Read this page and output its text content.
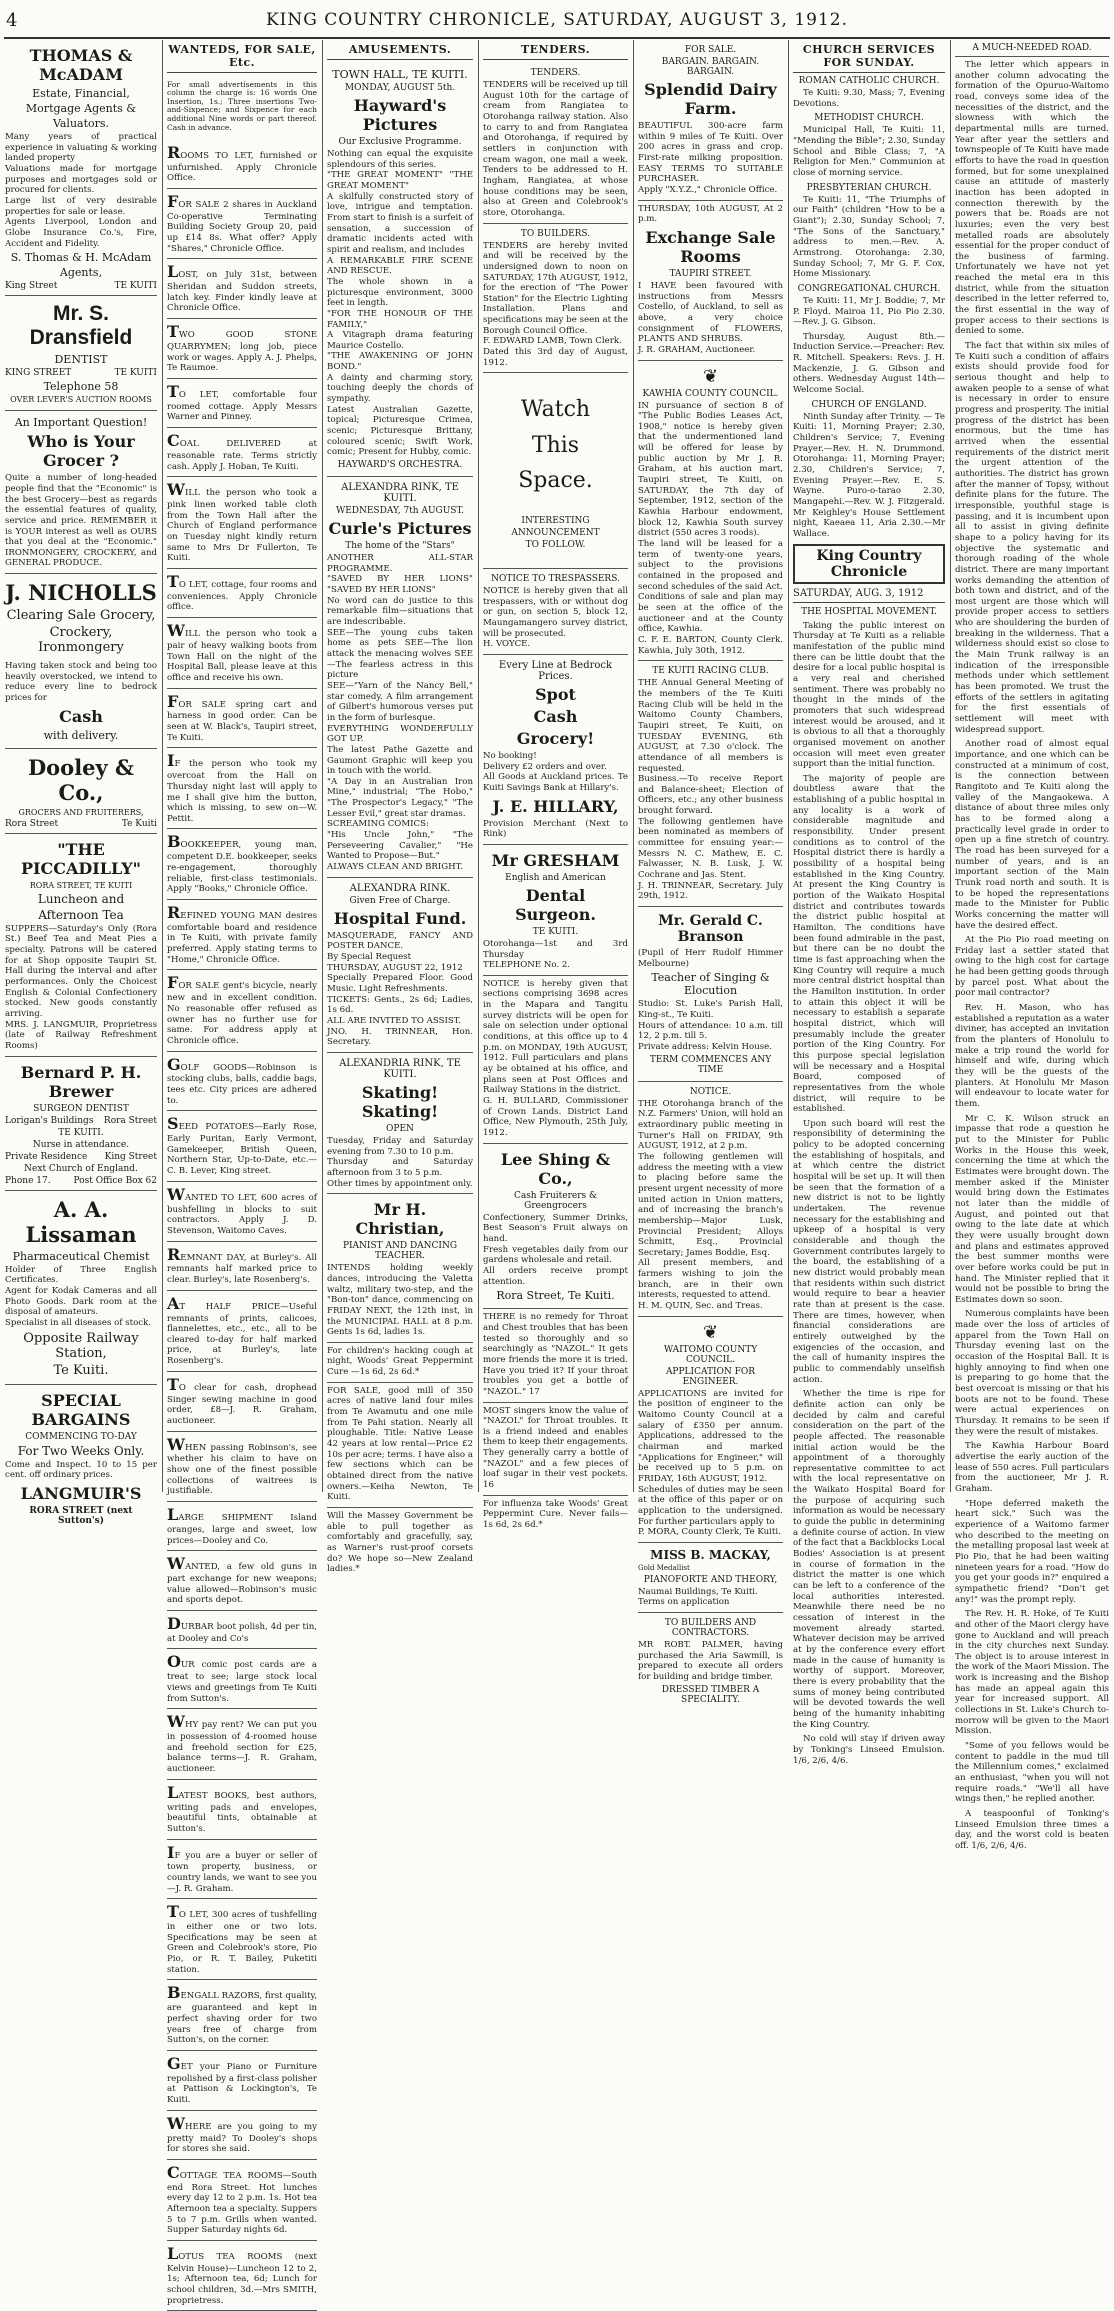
4	KING COUNTRY CHRONICLE, SATURDAY, AUGUST 3, 1912.
THOMAS & McADAM
Estate, Financial,
Mortgage Agents &
Valuators.

Many years of practical experience in valuating & working landed property

Valuations made for mortgage purposes and mortgages sold or procured for clients.

Large list of very desirable properties for sale or lease.

Agents Liverpool, London and Globe Insurance Co.'s, Fire, Accident and Fidelity.

S. Thomas & H. McAdam
Agents,
King Street	TE KUITI
Mr. S. Dransfield
DENTIST
KING STREET	TE KUITI
Telephone 58
OVER LEVER'S AUCTION ROOMS
An Important Question!
Who is Your Grocer ?

Quite a number of long-headed people find that the "Economic" is the best Grocery—best as regards the essential features of quality, service and price. REMEMBER it is YOUR interest as well as OURS that you deal at the "Economic." IRONMONGERY, CROCKERY, and GENERAL PRODUCE.

J. NICHOLLS
Clearing Sale Grocery,
Crockery, Ironmongery

Having taken stock and being too heavily overstocked, we intend to reduce every line to bedrock prices for

Cash
with delivery.
Dooley & Co.,
GROCERS AND FRUITERERS,
Rora Street	Te Kuiti
"THE PICCADILLY"
RORA STREET, TE KUITI
Luncheon and
Afternoon Tea

SUPPERS—Saturday's Only (Rora St.) Beef Tea and Meat Pies a specialty. Patrons will be catered for at Shop opposite Taupiri St. Hall during the interval and after performances. Only the Choicest English & Colonial Confectionery stocked. New goods constantly arriving.

MRS. J. LANGMUIR, Proprietress (late of Railway Refreshment Rooms)

Bernard P. H. Brewer
SURGEON DENTIST
Lorigan's Buildings Rora Street
TE KUITI.
Nurse in attendance.
Private Residence King Street
Next Church of England.
Phone 17.	Post Office Box 62
A. A. Lissaman
Pharmaceutical Chemist

Holder of Three English Certificates.

Agent for Kodak Cameras and all Photo Goods. Dark room at the disposal of amateurs.

Specialist in all diseases of stock.

Opposite Railway Station,
Te Kuiti.
SPECIAL BARGAINS
COMMENCING TO-DAY
For Two Weeks Only.

Come and Inspect. 10 to 15 per cent. off ordinary prices.

LANGMUIR'S
RORA STREET (next Sutton's)
WANTEDS, FOR SALE, Etc.

For small advertisements in this column the charge is: 16 words One Insertion, 1s.; Three insertions Two-and-Sixpence; and Sixpence for each additional Nine words or part thereof. Cash in advance.

ROOMS TO LET, furnished or unfurnished. Apply Chronicle Office.

FOR SALE 2 shares in Auckland Co-operative Terminating Building Society Group 20, paid up £14 8s. What offer? Apply "Shares," Chronicle Office.

LOST, on July 31st, between Sheridan and Suddon streets, latch key. Finder kindly leave at Chronicle Office.

TWO GOOD STONE QUARRYMEN; long job, piece work or wages. Apply A. J. Phelps, Te Raumoe.

TO LET, comfortable four roomed cottage. Apply Messrs Warner and Pinney.

COAL DELIVERED at reasonable rate. Terms strictly cash. Apply J. Hoban, Te Kuiti.

WILL the person who took a pink linen worked table cloth from the Town Hall after the Church of England performance on Tuesday night kindly return same to Mrs Dr Fullerton, Te Kuiti.

TO LET, cottage, four rooms and conveniences. Apply Chronicle office.

WILL the person who took a pair of heavy walking boots from Town Hall on the night of the Hospital Ball, please leave at this office and receive his own.

FOR SALE spring cart and harness in good order. Can be seen at W. Black's, Taupiri street, Te Kuiti.

IF the person who took my overcoat from the Hall on Thursday night last will apply to me I shall give him the button, which is missing, to sew on—W. Pettit.

BOOKKEEPER, young man, competent D.E. bookkeeper, seeks re-engagement, thoroughly reliable, first-class testimonials. Apply "Books," Chronicle Office.

REFINED YOUNG MAN desires comfortable board and residence in Te Kuiti, with private family preferred. Apply stating terms to "Home," Chronicle Office.

FOR SALE gent's bicycle, nearly new and in excellent condition. No reasonable offer refused as owner has no further use for same. For address apply at Chronicle office.

GOLF GOODS—Robinson is stocking clubs, balls, caddie bags, tees etc. City prices are adhered to.

SEED POTATOES—Early Rose, Early Puritan, Early Vermont, Gamekeeper, British Queen, Northern Star, Up-to-Date, etc.—C. B. Lever, King street.

WANTED TO LET, 600 acres of bushfelling in blocks to suit contractors. Apply J. D. Stevenson, Waitomo Caves.

REMNANT DAY, at Burley's. All remnants half marked price to clear. Burley's, late Rosenberg's.

AT HALF PRICE—Useful remnants of prints, calicoes, flannelettes, etc., etc., all to be cleared to-day for half marked price, at Burley's, late Rosenberg's.

TO clear for cash, drophead Singer sewing machine in good order, £8—J. R. Graham, auctioneer.

WHEN passing Robinson's, see whether his claim to have on show one of the finest possible collections of waitrees is justifiable.

LARGE SHIPMENT Island oranges, large and sweet, low prices—Dooley and Co.

WANTED, a few old guns in part exchange for new weapons; value allowed—Robinson's music and sports depot.

DURBAR boot polish, 4d per tin, at Dooley and Co's

OUR comic post cards are a treat to see; large stock local views and greetings from Te Kuiti from Sutton's.

WHY pay rent? We can put you in possession of 4-roomed house and freehold section for £25, balance terms—J. R. Graham, auctioneer.

LATEST BOOKS, best authors, writing pads and envelopes, beautiful tints, obtainable at Sutton's.

IF you are a buyer or seller of town property, business, or country lands, we want to see you—J. R. Graham.

TO LET, 300 acres of tushfelling in either one or two lots. Specifications may be seen at Green and Colebrook's store, Pio Pio, or R. T. Bailey, Puketiti station.

BENGALL RAZORS, first quality, are guaranteed and kept in perfect shaving order for two years free of charge from Sutton's, on the corner.

GET your Piano or Furniture repolished by a first-class polisher at Pattison & Lockington's, Te Kuiti.

WHERE are you going to my pretty maid? To Dooley's shops for stores she said.

COTTAGE TEA ROOMS—South end Rora Street. Hot lunches every day 12 to 2 p.m. 1s. Hot tea Afternoon tea a specialty. Suppers 5 to 7 p.m. Grills when wanted. Supper Saturday nights 6d.

LOTUS TEA ROOMS (next Kelvin House)—Luncheon 12 to 2, 1s; Afternoon tea, 6d; Lunch for school children, 3d.—Mrs SMITH, proprietress.

AMUSEMENTS.
TOWN HALL, TE KUITI.
MONDAY, AUGUST 5th.
Hayward's Pictures
Our Exclusive Programme.

Nothing can equal the exquisite splendours of this series.

"THE GREAT MOMENT" "THE GREAT MOMENT"

A skilfully constructed story of love, intrigue and temptation. From start to finish is a surfeit of sensation, a succession of dramatic incidents acted with spirit and realism, and includes

A REMARKABLE FIRE SCENE AND RESCUE.

The whole shown in a picturesque environment, 3000 feet in length.

"FOR THE HONOUR OF THE FAMILY,"

A Vitagraph drama featuring Maurice Costello.

"THE AWAKENING OF JOHN BOND."

A dainty and charming story, touching deeply the chords of sympathy.

Latest Australian Gazette, topical; Picturesque Crimea, scenic; Picturesque Brittany, coloured scenic; Swift Work, comic; Present for Hubby, comic.

HAYWARD'S ORCHESTRA.
ALEXANDRA RINK, TE KUITI.
WEDNESDAY, 7th AUGUST.
Curle's Pictures
The home of the "Stars"

ANOTHER ALL-STAR PROGRAMME.

"SAVED BY HER LIONS" "SAVED BY HER LIONS"

No word can do justice to this remarkable film—situations that are indescribable.

SEE—The young cubs taken home as pets SEE—The lion attack the menacing wolves SEE—The fearless actress in this picture

SEE—"Yarn of the Nancy Bell," star comedy. A film arrangement of Gilbert's humorous verses put in the form of burlesque.

EVERYTHING WONDERFULLY GOT UP.

The latest Pathe Gazette and Gaumont Graphic will keep you in touch with the world.

"A Day in an Australian Iron Mine," industrial; "The Hobo," "The Prospector's Legacy," "The Lesser Evil," great star dramas.

SCREAMING COMICS:

"His Uncle John," "The Perseveering Cavalier," "He Wanted to Propose—But."

ALWAYS CLEAN AND BRIGHT.

ALEXANDRA RINK.
Given Free of Charge.
Hospital Fund.

MASQUERADE, FANCY AND POSTER DANCE.

By Special Request

THURSDAY, AUGUST 22, 1912

Specially Prepared Floor. Good Music. Light Refreshments.

TICKETS: Gents., 2s 6d; Ladies, 1s 6d.

ALL ARE INVITED TO ASSIST.

JNO. H. TRINNEAR, Hon. Secretary.

ALEXANDRIA RINK, TE KUITI.
Skating! Skating!
OPEN

Tuesday, Friday and Saturday evening from 7.30 to 10 p.m.

Thursday and Saturday afternoon from 3 to 5 p.m.

Other times by appointment only.

Mr H. Christian,
PIANIST AND DANCING TEACHER.

INTENDS holding weekly dances, introducing the Valetta waltz, military two-step, and the "Bon-ton" dance, commencing on FRIDAY NEXT, the 12th inst, in the MUNICIPAL HALL at 8 p.m. Gents 1s 6d, ladies 1s.

For children's hacking cough at night, Woods' Great Peppermint Cure —1s 6d, 2s 6d.*

FOR SALE, good mill of 350 acres of native land four miles from Te Awamutu and one mile from Te Pahi station. Nearly all ploughable. Title: Native Lease 42 years at low rental—Price £2 10s per acre; terms. I have also a few sections which can be obtained direct from the native owners.—Keiha Newton, Te Kuiti.

Will the Massey Government be able to pull together as comfortably and gracefully, say, as Warner's rust-proof corsets do? We hope so—New Zealand ladies.*

TENDERS.
TENDERS.

TENDERS will be received up till August 10th for the cartage of cream from Rangiatea to Otorohanga railway station. Also to carry to and from Rangiatea and Otorohanga, if required by settlers in conjunction with cream wagon, one mail a week. Tenders to be addressed to H. Ingham, Rangiatea, at whose house conditions may be seen, also at Green and Colebrook's store, Otorohanga.

TO BUILDERS.

TENDERS are hereby invited and will be received by the undersigned down to noon on SATURDAY, 17th AUGUST, 1912, for the erection of "The Power Station" for the Electric Lighting Installation. Plans and specifications may be seen at the Borough Council Office.

F. EDWARD LAMB, Town Clerk.

Dated this 3rd day of August, 1912.

Watch
This
Space.
INTERESTING
ANNOUNCEMENT
TO FOLLOW.
NOTICE TO TRESPASSERS.

NOTICE is hereby given that all trespassers, with or without dog or gun, on section 5, block 12, Maungamangero survey district, will be prosecuted.

H. VOYCE.

Every Line at Bedrock Prices.
Spot
Cash
Grocery!

No booking!

Delivery £2 orders and over.

All Goods at Auckland prices. Te Kuiti Savings Bank at Hillary's.

J. E. HILLARY,

Provision Merchant (Next to Rink)

Mr GRESHAM
English and American
Dental Surgeon.
TE KUITI.

Otorohanga—1st and 3rd Thursday

TELEPHONE No. 2.

NOTICE is hereby given that sections comprising 3698 acres in the Mapara and Tangitu survey districts will be open for sale on selection under optional conditions, at this office up to 4 p.m. on MONDAY, 19th AUGUST, 1912. Full particulars and plans ay be obtained at his office, and plans seen at Post Offices and Railway Stations in the district.

G. H. BULLARD, Commissioner of Crown Lands. District Land Office, New Plymouth, 25th July, 1912.

Lee Shing & Co.,
Cash Fruiterers & Greengrocers

Confectionery, Summer Drinks, Best Season's Fruit always on hand.

Fresh vegetables daily from our gardens wholesale and retail.

All orders receive prompt attention.

Rora Street, Te Kuiti.

THERE is no remedy for Throat and Chest troubles that has been tested so thoroughly and so searchingly as "NAZOL." It gets more friends the more it is tried. Have you tried it? If your throat troubles you get a bottle of "NAZOL." 17

MOST singers know the value of "NAZOL" for Throat troubles. It is a friend indeed and enables them to keep their engagements. They generally carry a bottle of "NAZOL" and a few pieces of loaf sugar in their vest pockets. 16

For influenza take Woods' Great Peppermint Cure. Never fails—1s 6d, 2s 6d.*

FOR SALE.
BARGAIN. BARGAIN. BARGAIN.
Splendid Dairy Farm.

BEAUTIFUL 300-acre farm within 9 miles of Te Kuiti. Over 200 acres in grass and crop. First-rate milking proposition. EASY TERMS TO SUITABLE PURCHASER.

Apply "X.Y.Z.," Chronicle Office.

THURSDAY, 10th AUGUST, At 2 p.m.

Exchange Sale Rooms
TAUPIRI STREET.

I HAVE been favoured with instructions from Messrs Costello, of Auckland, to sell as above, a very choice consignment of FLOWERS, PLANTS AND SHRUBS.

J. R. GRAHAM, Auctioneer.

❦
KAWHIA COUNTY COUNCIL.

IN pursuance of section 8 of "The Public Bodies Leases Act, 1908," notice is hereby given that the undermentioned land will be offered for lease by public auction by Mr J. R. Graham, at his auction mart, Taupiri street, Te Kuiti, on SATURDAY, the 7th day of September, 1912, section of the Kawhia Harbour endowment, block 12, Kawhia South survey district (550 acres 3 roods).

The land will be leased for a term of twenty-one years, subject to the provisions contained in the proposed and second schedules of the said Act.

Conditions of sale and plan may be seen at the office of the auctioneer and at the County office, Kawhia.

C. F. E. BARTON, County Clerk. Kawhia, July 30th, 1912.

TE KUITI RACING CLUB.

THE Annual General Meeting of the members of the Te Kuiti Racing Club will be held in the Waitomo County Chambers, Taupiri street, Te Kuiti, on TUESDAY EVENING, 6th AUGUST, at 7.30 o'clock. The attendance of all members is requested.

Business.—To receive Report and Balance-sheet; Election of Officers, etc.; any other business brought forward.

The following gentlemen have been nominated as members of committee for ensuing year:—Messrs N. C. Mathew, E. C. Falwasser, N. B. Lusk, J. W. Cochrane and Jas. Stent.

J. H. TRINNEAR, Secretary. July 29th, 1912.

Mr. Gerald C. Branson

(Pupil of Herr Rudolf Himmer Melbourne)

Teacher of Singing & Elocution

Studio: St. Luke's Parish Hall, King-st., Te Kuiti.

Hours of attendance: 10 a.m. till 12, 2 p.m. till 5.

Private address: Kelvin House.

TERM COMMENCES ANY TIME
NOTICE.

THE Otorohanga branch of the N.Z. Farmers' Union, will hold an extraordinary public meeting in Turner's Hall on FRIDAY, 9th AUGUST, 1912, at 2 p.m.

The following gentlemen will address the meeting with a view to placing before same the present urgent necessity of more united action in Union matters, and of increasing the branch's membership—Major Lusk, Provincial President; Alloys Schmitt, Esq., Provincial Secretary; James Boddie, Esq.

All present members, and farmers wishing to join the branch, are in their own interests, requested to attend.

H. M. QUIN, Sec. and Treas.

❦
WAITOMO COUNTY COUNCIL.
APPLICATION FOR ENGINEER.

APPLICATIONS are invited for the position of engineer to the Waitomo County Council at a salary of £350 per annum. Applications, addressed to the chairman and marked "Applications for Engineer," will be received up to 5 p.m. on FRIDAY, 16th AUGUST, 1912.

Schedules of duties may be seen at the office of this paper or on application to the undersigned. For further particulars apply to

P. MORA, County Clerk, Te Kuiti.

MISS B. MACKAY,

Gold Medallist

PIANOFORTE AND THEORY,

Naumai Buildings, Te Kuiti.

Terms on application

TO BUILDERS AND CONTRACTORS.

MR ROBT. PALMER, having purchased the Aria Sawmill, is prepared to execute all orders for building and bridge timber.

DRESSED TIMBER A SPECIALITY.
CHURCH SERVICES FOR SUNDAY.
ROMAN CATHOLIC CHURCH.

Te Kuiti: 9.30, Mass; 7, Evening Devotions.

METHODIST CHURCH.

Municipal Hall, Te Kuiti: 11, "Mending the Bible"; 2.30, Sunday School and Bible Class; 7, "A Religion for Men." Communion at close of morning service.

PRESBYTERIAN CHURCH.

Te Kuiti: 11, "The Triumphs of our Faith" (children "How to be a Giant"); 2.30, Sunday School; 7, "The Sons of the Sanctuary," address to men.—Rev. A. Armstrong. Otorohanga: 2.30, Sunday School; 7, Mr G. F. Cox, Home Missionary.

CONGREGATIONAL CHURCH.

Te Kuiti: 11, Mr J. Boddie; 7, Mr P. Floyd. Mairoa 11, Pio Pio 2.30.—Rev. J. G. Gibson.

Thursday, August 8th.—Induction Service.—Preacher: Rev. R. Mitchell. Speakers: Revs. J. H. Mackenzie, J. G. Gibson and others. Wednesday August 14th—Welcome Social.

CHURCH OF ENGLAND.

Ninth Sunday after Trinity. — Te Kuiti: 11, Morning Prayer; 2.30, Children's Service; 7, Evening Prayer.—Rev. H. N. Drummond. Otorohanga: 11, Morning Prayer; 2.30, Children's Service; 7, Evening Prayer.—Rev. E. S. Wayne. Puro-o-tarao 2.30, Mangapehi.—Rev. W. J. Fitzgerald. Mr Keighley's House Settlement night, Kaeaea 11, Aria 2.30.—Mr Wallace.

King Country Chronicle
SATURDAY, AUG. 3, 1912
THE HOSPITAL MOVEMENT.

Taking the public interest on Thursday at Te Kuiti as a reliable manifestation of the public mind there can be little doubt that the desire for a local public hospital is a very real and cherished sentiment. There was probably no thought in the minds of the promoters that such widespread interest would be aroused, and it is obvious to all that a thoroughly organised movement on another occasion will meet even greater support than the initial function.

The majority of people are doubtless aware that the establishing of a public hospital in any locality is a work of considerable magnitude and responsibility. Under present conditions as to control of the Hospital district there is hardly a possibility of a hospital being established in the King Country. At present the King Country is portion of the Waikato Hospital district and contributes towards the district public hospital at Hamilton. The conditions have been found admirable in the past, but there can be no doubt the time is fast approaching when the King Country will require a much more central district hospital than the Hamilton institution. In order to attain this object it will be necessary to establish a separate hospital district, which will presumably include the greater portion of the King Country. For this purpose special legislation will be necessary and a Hospital Board, composed of representatives from the whole district, will require to be established.

Upon such board will rest the responsibility of determining the policy to be adopted concerning the establishing of hospitals, and at which centre the district hospital will be set up. It will then be seen that the formation of a new district is not to be lightly undertaken. The revenue necessary for the establishing and upkeep of a hospital is very considerable and though the Government contributes largely to the board, the establishing of a new district would probably mean that residents within such district would require to bear a heavier rate than at present is the case. There are times, however, when financial considerations are entirely outweighed by the exigencies of the occasion, and the call of humanity inspires the public to commendably unselfish action.

Whether the time is ripe for definite action can only be decided by calm and careful consideration on the part of the people affected. The reasonable initial action would be the appointment of a thoroughly representative committee to act with the local representative on the Waikato Hospital Board for the purpose of acquiring such information as would be necessary to guide the public in determining a definite course of action. In view of the fact that a Backblocks Local Bodies' Association is at present in course of formation in the district the matter is one which can be left to a conference of the local authorities interested. Meanwhile there need be no cessation of interest in the movement already started. Whatever decision may be arrived at by the conference every effort made in the cause of humanity is worthy of support. Moreover, there is every probability that the sums of money being contributed will be devoted towards the well being of the humanity inhabiting the King Country.

No cold will stay if driven away by Tonking's Linseed Emulsion. 1/6, 2/6, 4/6.

A MUCH-NEEDED ROAD.

The letter which appears in another column advocating the formation of the Opuruo-Waitomo road, conveys some idea of the necessities of the district, and the slowness with which the departmental mills are turned. Year after year the settlers and townspeople of Te Kuiti have made efforts to have the road in question formed, but for some unexplained cause an attitude of masterly inaction has been adopted in connection therewith by the powers that be. Roads are not luxuries; even the very best metalled roads are absolutely essential for the proper conduct of the business of farming. Unfortunately we have not yet reached the metal era in this district, while from the situation described in the letter referred to, the first essential in the way of proper access to their sections is denied to some.

The fact that within six miles of Te Kuiti such a condition of affairs exists should provide food for serious thought and help to awaken people to a sense of what is necessary in order to ensure progress and prosperity. The initial progress of the district has been enormous, but the time has arrived when the essential requirements of the district merit the urgent attention of the authorities. The district has grown after the manner of Topsy, without definite plans for the future. The irresponsible, youthful stage is passing, and it is incumbent upon all to assist in giving definite shape to a policy having for its objective the systematic and thorough roading of the whole district. There are many important works demanding the attention of both town and district, and of the most urgent are those which will provide proper access to settlers who are shouldering the burden of breaking in the wilderness. That a wilderness should exist so close to the Main Trunk railway is an indication of the irresponsible methods under which settlement has been promoted. We trust the efforts of the settlers in agitating for the first essentials of settlement will meet with widespread support.

Another road of almost equal importance, and one which can be constructed at a minimum of cost, is the connection between Rangitoto and Te Kuiti along the valley of the Mangaokewa. A distance of about three miles only has to be formed along a practically level grade in order to open up a fine stretch of country. The road has been surveyed for a number of years, and is an important section of the Main Trunk road north and south. It is to be hoped the representations made to the Minister for Public Works concerning the matter will have the desired effect.

At the Pio Pio road meeting on Friday last a settler stated that owing to the high cost for cartage he had been getting goods through by parcel post. What about the poor mail contractor?

Rev. H. Mason, who has established a reputation as a water diviner, has accepted an invitation from the planters of Honolulu to make a trip round the world for himself and wife, during which they will be the guests of the planters. At Honolulu Mr Mason will endeavour to locate water for them.

Mr C. K. Wilson struck an impasse that rode a question he put to the Minister for Public Works in the House this week, concerning the time at which the Estimates were brought down. The member asked if the Minister would bring down the Estimates not later than the middle of August, and pointed out that owing to the late date at which they were usually brought down and plans and estimates approved the best summer months were over before works could be put in hand. The Minister replied that it would not be possible to bring the Estimates down so soon.

Numerous complaints have been made over the loss of articles of apparel from the Town Hall on Thursday evening last on the occasion of the Hospital Ball. It is highly annoying to find when one is preparing to go home that the best overcoat is missing or that his boots are not to be found. These were actual experiences on Thursday. It remains to be seen if they were the result of mistakes.

The Kawhia Harbour Board advertise the early auction of the lease of 550 acres. Full particulars from the auctioneer, Mr J. R. Graham.

"Hope deferred maketh the heart sick." Such was the experience of a Waitomo farmer who described to the meeting on the metalling proposal last week at Pio Pio, that he had been waiting nineteen years for a road. "How do you get your goods in?" enquired a sympathetic friend? "Don't get any!" was the prompt reply.

The Rev. H. R. Hoke, of Te Kuiti and other of the Maori clergy have gone to Auckland and will preach in the city churches next Sunday. The object is to arouse interest in the work of the Maori Mission. The work is increasing and the Bishop has made an appeal again this year for increased support. All collections in St. Luke's Church to-morrow will be given to the Maori Mission.

"Some of you fellows would be content to paddle in the mud till the Millennium comes," exclaimed an enthusiast, "when you will not require roads." "We'll all have wings then," he replied another.

A teaspoonful of Tonking's Linseed Emulsion three times a day, and the worst cold is beaten off. 1/6, 2/6, 4/6.
